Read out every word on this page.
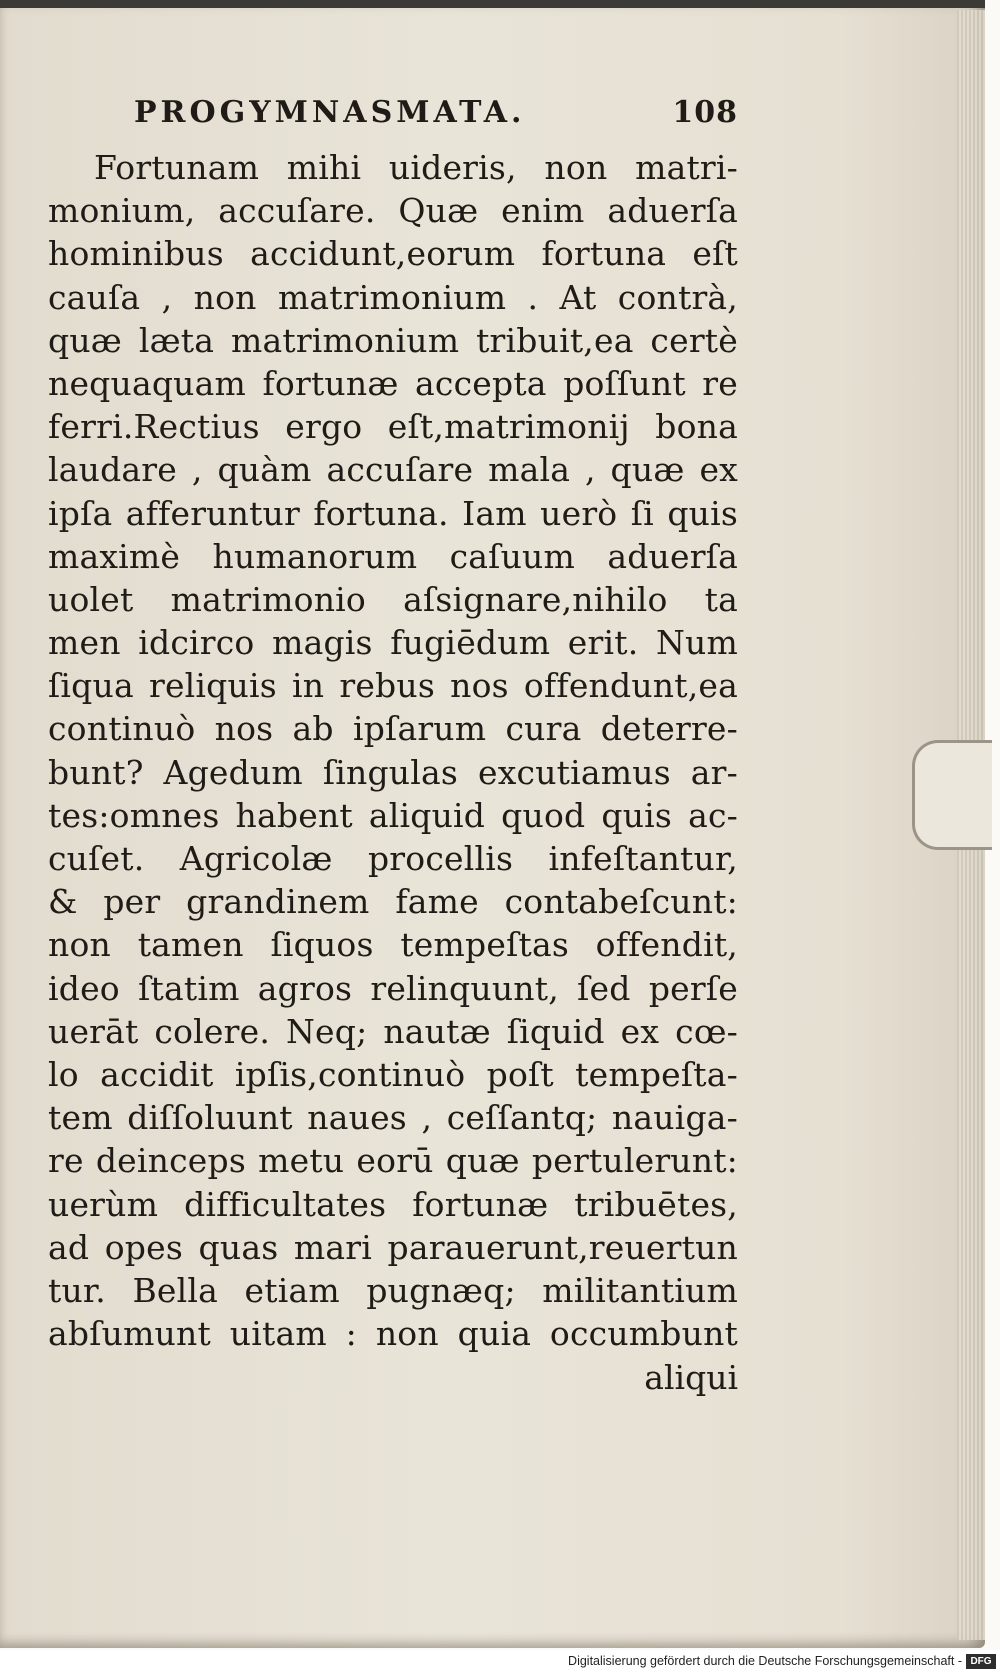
PROGYMNASMATA.	108
Fortunam mihi uideris, non matri-
monium, accuſare. Quæ enim aduerſa
hominibus accidunt,eorum fortuna eſt
cauſa , non matrimonium . At contrà,
quæ læta matrimonium tribuit,ea certè
nequaquam fortunæ accepta poſſunt re
ferri.Rectius ergo eſt,matrimonij bona
laudare , quàm accuſare mala , quæ ex
ipſa afferuntur fortuna. Iam uerò ſi quis
maximè humanorum caſuum aduerſa
uolet matrimonio aſsignare,nihilo ta
men idcirco magis fugiēdum erit. Num
ſiqua reliquis in rebus nos offendunt,ea
continuò nos ab ipſarum cura deterre-
bunt? Agedum ſingulas excutiamus ar-
tes:omnes habent aliquid quod quis ac-
cuſet. Agricolæ procellis infeſtantur,
& per grandinem fame contabeſcunt:
non tamen ſiquos tempeſtas offendit,
ideo ſtatim agros relinquunt, ſed perſe
uerāt colere. Neq; nautæ ſiquid ex cœ-
lo accidit ipſis,continuò poſt tempeſta-
tem diſſoluunt naues , ceſſantq; nauiga-
re deinceps metu eorū quæ pertulerunt:
uerùm difficultates fortunæ tribuētes,
ad opes quas mari parauerunt,reuertun
tur. Bella etiam pugnæq; militantium
abſumunt uitam : non quia occumbunt
aliqui
Digitalisierung gefördert durch die Deutsche Forschungsgemeinschaft - DFG
